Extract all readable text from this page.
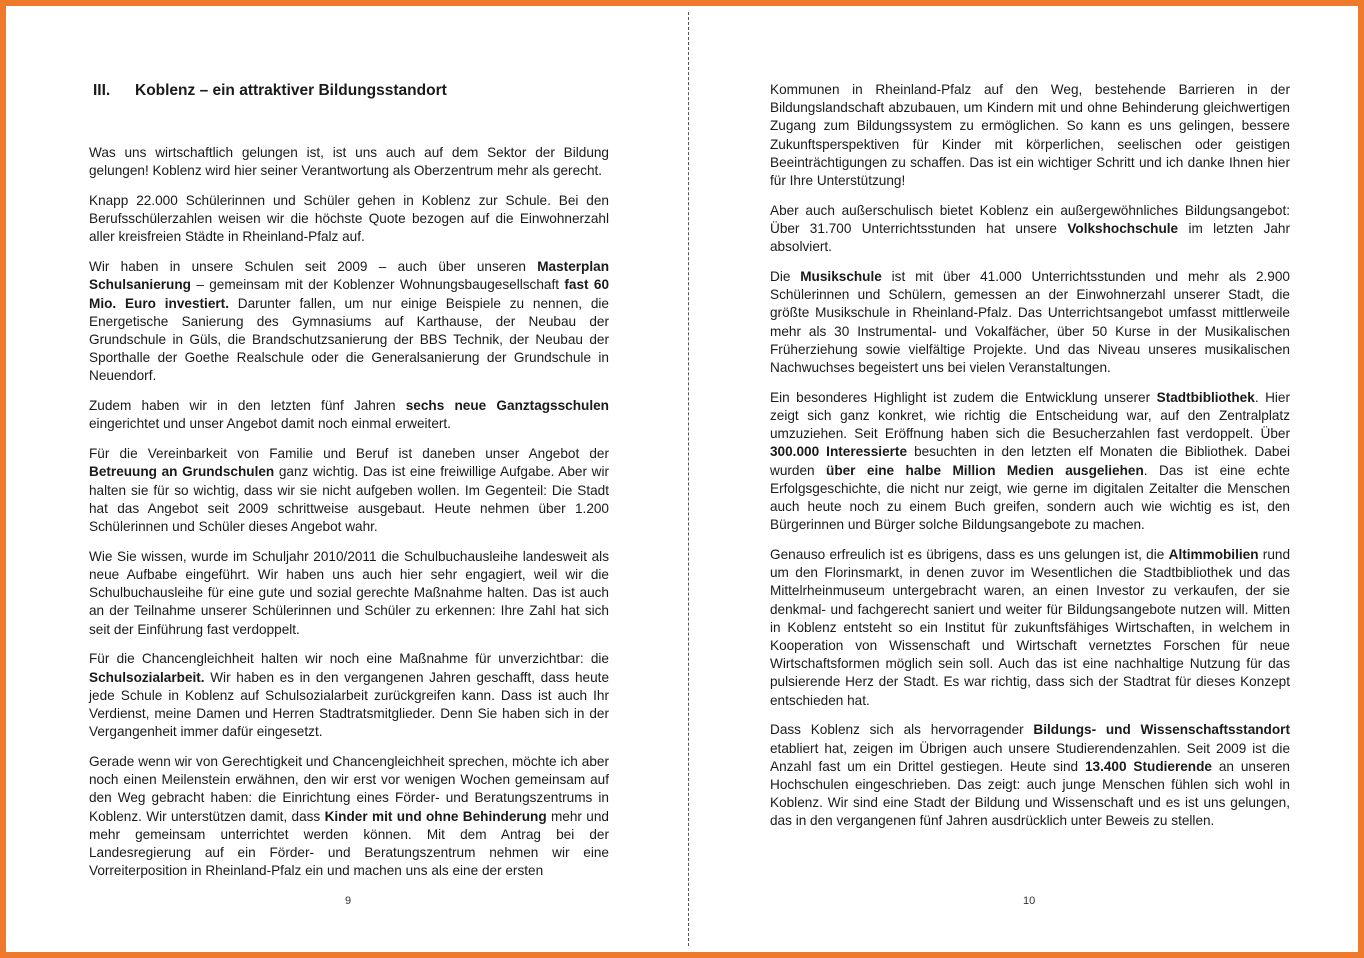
III. Koblenz – ein attraktiver Bildungsstandort

Was uns wirtschaftlich gelungen ist, ist uns auch auf dem Sektor der Bildung gelungen! Koblenz wird hier seiner Verantwortung als Oberzentrum mehr als gerecht.

Knapp 22.000 Schülerinnen und Schüler gehen in Koblenz zur Schule. Bei den Berufsschülerzahlen weisen wir die höchste Quote bezogen auf die Einwohnerzahl aller kreisfreien Städte in Rheinland-Pfalz auf.

Wir haben in unsere Schulen seit 2009 – auch über unseren Masterplan Schulsanierung – gemeinsam mit der Koblenzer Wohnungsbaugesellschaft fast 60 Mio. Euro investiert. Darunter fallen, um nur einige Beispiele zu nennen, die Energetische Sanierung des Gymnasiums auf Karthause, der Neubau der Grundschule in Güls, die Brandschutzsanierung der BBS Technik, der Neubau der Sporthalle der Goethe Realschule oder die Generalsanierung der Grundschule in Neuendorf.

Zudem haben wir in den letzten fünf Jahren sechs neue Ganztagsschulen eingerichtet und unser Angebot damit noch einmal erweitert.

Für die Vereinbarkeit von Familie und Beruf ist daneben unser Angebot der Betreuung an Grundschulen ganz wichtig. Das ist eine freiwillige Aufgabe. Aber wir halten sie für so wichtig, dass wir sie nicht aufgeben wollen. Im Gegenteil: Die Stadt hat das Angebot seit 2009 schrittweise ausgebaut. Heute nehmen über 1.200 Schülerinnen und Schüler dieses Angebot wahr.

Wie Sie wissen, wurde im Schuljahr 2010/2011 die Schulbuchausleihe landesweit als neue Aufbabe eingeführt. Wir haben uns auch hier sehr engagiert, weil wir die Schulbuchausleihe für eine gute und sozial gerechte Maßnahme halten. Das ist auch an der Teilnahme unserer Schülerinnen und Schüler zu erkennen: Ihre Zahl hat sich seit der Einführung fast verdoppelt.

Für die Chancengleichheit halten wir noch eine Maßnahme für unverzichtbar: die Schulsozialarbeit. Wir haben es in den vergangenen Jahren geschafft, dass heute jede Schule in Koblenz auf Schulsozialarbeit zurückgreifen kann. Dass ist auch Ihr Verdienst, meine Damen und Herren Stadtratsmitglieder. Denn Sie haben sich in der Vergangenheit immer dafür eingesetzt.

Gerade wenn wir von Gerechtigkeit und Chancengleichheit sprechen, möchte ich aber noch einen Meilenstein erwähnen, den wir erst vor wenigen Wochen gemeinsam auf den Weg gebracht haben: die Einrichtung eines Förder- und Beratungszentrums in Koblenz. Wir unterstützen damit, dass Kinder mit und ohne Behinderung mehr und mehr gemeinsam unterrichtet werden können. Mit dem Antrag bei der Landesregierung auf ein Förder- und Beratungszentrum nehmen wir eine Vorreiterposition in Rheinland-Pfalz ein und machen uns als eine der ersten

9

Kommunen in Rheinland-Pfalz auf den Weg, bestehende Barrieren in der Bildungslandschaft abzubauen, um Kindern mit und ohne Behinderung gleichwertigen Zugang zum Bildungssystem zu ermöglichen. So kann es uns gelingen, bessere Zukunftsperspektiven für Kinder mit körperlichen, seelischen oder geistigen Beeinträchtigungen zu schaffen. Das ist ein wichtiger Schritt und ich danke Ihnen hier für Ihre Unterstützung!

Aber auch außerschulisch bietet Koblenz ein außergewöhnliches Bildungsangebot: Über 31.700 Unterrichtsstunden hat unsere Volkshochschule im letzten Jahr absolviert.

Die Musikschule ist mit über 41.000 Unterrichtsstunden und mehr als 2.900 Schülerinnen und Schülern, gemessen an der Einwohnerzahl unserer Stadt, die größte Musikschule in Rheinland-Pfalz. Das Unterrichtsangebot umfasst mittlerweile mehr als 30 Instrumental- und Vokalfächer, über 50 Kurse in der Musikalischen Früherziehung sowie vielfältige Projekte. Und das Niveau unseres musikalischen Nachwuchses begeistert uns bei vielen Veranstaltungen.

Ein besonderes Highlight ist zudem die Entwicklung unserer Stadtbibliothek. Hier zeigt sich ganz konkret, wie richtig die Entscheidung war, auf den Zentralplatz umzuziehen. Seit Eröffnung haben sich die Besucherzahlen fast verdoppelt. Über 300.000 Interessierte besuchten in den letzten elf Monaten die Bibliothek. Dabei wurden über eine halbe Million Medien ausgeliehen. Das ist eine echte Erfolgsgeschichte, die nicht nur zeigt, wie gerne im digitalen Zeitalter die Menschen auch heute noch zu einem Buch greifen, sondern auch wie wichtig es ist, den Bürgerinnen und Bürger solche Bildungsangebote zu machen.

Genauso erfreulich ist es übrigens, dass es uns gelungen ist, die Altimmobilien rund um den Florinsmarkt, in denen zuvor im Wesentlichen die Stadtbibliothek und das Mittelrheinmuseum untergebracht waren, an einen Investor zu verkaufen, der sie denkmal- und fachgerecht saniert und weiter für Bildungsangebote nutzen will. Mitten in Koblenz entsteht so ein Institut für zukunftsfähiges Wirtschaften, in welchem in Kooperation von Wissenschaft und Wirtschaft vernetztes Forschen für neue Wirtschaftsformen möglich sein soll. Auch das ist eine nachhaltige Nutzung für das pulsierende Herz der Stadt. Es war richtig, dass sich der Stadtrat für dieses Konzept entschieden hat.

Dass Koblenz sich als hervorragender Bildungs- und Wissenschaftsstandort etabliert hat, zeigen im Übrigen auch unsere Studierendenzahlen. Seit 2009 ist die Anzahl fast um ein Drittel gestiegen. Heute sind 13.400 Studierende an unseren Hochschulen eingeschrieben. Das zeigt: auch junge Menschen fühlen sich wohl in Koblenz. Wir sind eine Stadt der Bildung und Wissenschaft und es ist uns gelungen, das in den vergangenen fünf Jahren ausdrücklich unter Beweis zu stellen.

10
